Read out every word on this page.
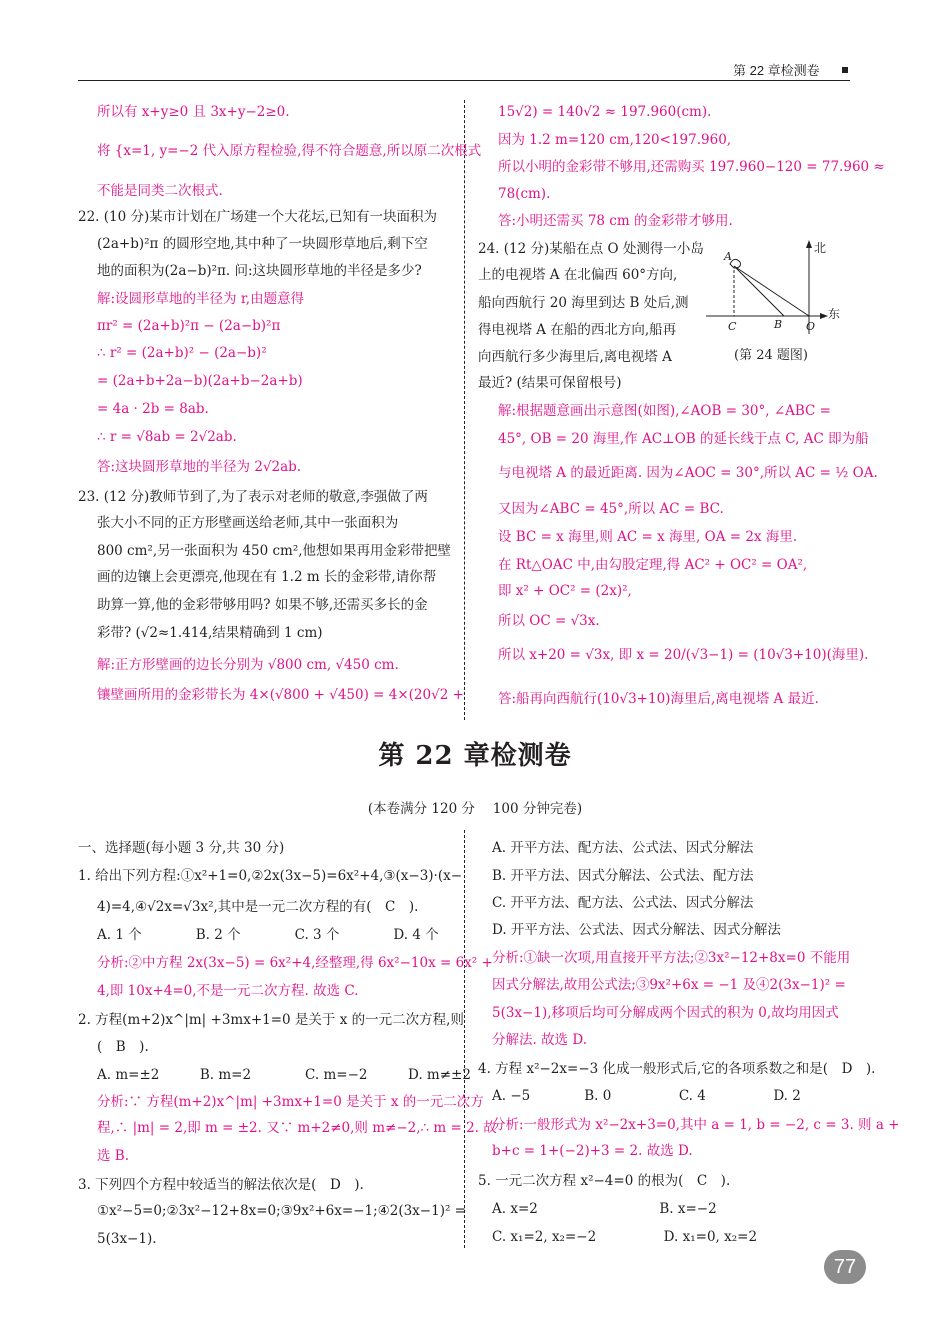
第 22 章检测卷
所以有 x+y≥0 且 3x+y−2≥0.
将 {x=1, y=−2 代入原方程检验,得不符合题意,所以原二次根式
不能是同类二次根式.
22. (10 分)某市计划在广场建一个大花坛,已知有一块面积为
(2a+b)²π 的圆形空地,其中种了一块圆形草地后,剩下空
地的面积为(2a−b)²π. 问:这块圆形草地的半径是多少?
解:设圆形草地的半径为 r,由题意得
πr² = (2a+b)²π − (2a−b)²π
∴ r² = (2a+b)² − (2a−b)²
= (2a+b+2a−b)(2a+b−2a+b)
= 4a · 2b = 8ab.
∴ r = √8ab = 2√2ab.
答:这块圆形草地的半径为 2√2ab.
23. (12 分)教师节到了,为了表示对老师的敬意,李强做了两
张大小不同的正方形壁画送给老师,其中一张面积为
800 cm²,另一张面积为 450 cm²,他想如果再用金彩带把壁
画的边镶上会更漂亮,他现在有 1.2 m 长的金彩带,请你帮
助算一算,他的金彩带够用吗? 如果不够,还需买多长的金
彩带? (√2≈1.414,结果精确到 1 cm)
解:正方形壁画的边长分别为 √800 cm, √450 cm.
镶壁画所用的金彩带长为 4×(√800 + √450) = 4×(20√2 +
15√2) = 140√2 ≈ 197.960(cm).
因为 1.2 m=120 cm,120<197.960,
所以小明的金彩带不够用,还需购买 197.960−120 = 77.960 ≈
78(cm).
答:小明还需买 78 cm 的金彩带才够用.
24. (12 分)某船在点 O 处测得一小岛
上的电视塔 A 在北偏西 60°方向,
船向西航行 20 海里到达 B 处后,测
得电视塔 A 在船的西北方向,船再
向西航行多少海里后,离电视塔 A
最近? (结果可保留根号)
解:根据题意画出示意图(如图),∠AOB = 30°, ∠ABC =
45°, OB = 20 海里,作 AC⊥OB 的延长线于点 C, AC 即为船
与电视塔 A 的最近距离. 因为∠AOC = 30°,所以 AC = ½ OA.
又因为∠ABC = 45°,所以 AC = BC.
设 BC = x 海里,则 AC = x 海里, OA = 2x 海里.
在 Rt△OAC 中,由勾股定理,得 AC² + OC² = OA²,
即 x² + OC² = (2x)²,
所以 OC = √3x.
所以 x+20 = √3x, 即 x = 20/(√3−1) = (10√3+10)(海里).
答:船再向西航行(10√3+10)海里后,离电视塔 A 最近.
A
C	B O
北
东
(第 24 题图)
第 22 章检测卷
(本卷满分 120 分　 100 分钟完卷)
一、选择题(每小题 3 分,共 30 分)
1. 给出下列方程:①x²+1=0,②2x(3x−5)=6x²+4,③(x−3)·(x−
4)=4,④√2x=√3x²,其中是一元二次方程的有(　C　).
A. 1 个　　　　B. 2 个　　　　C. 3 个　　　　D. 4 个
分析:②中方程 2x(3x−5) = 6x²+4,经整理,得 6x²−10x = 6x² +
4,即 10x+4=0,不是一元二次方程. 故选 C.
2. 方程(m+2)x^|m| +3mx+1=0 是关于 x 的一元二次方程,则
(　B　).
A. m=±2　　　B. m=2　　　　C. m=−2　　　D. m≠±2
分析:∵ 方程(m+2)x^|m| +3mx+1=0 是关于 x 的一元二次方
程,∴ |m| = 2,即 m = ±2. 又∵ m+2≠0,则 m≠−2,∴ m = 2. 故
选 B.
3. 下列四个方程中较适当的解法依次是(　D　).
①x²−5=0;②3x²−12+8x=0;③9x²+6x=−1;④2(3x−1)² =
5(3x−1).
A. 开平方法、配方法、公式法、因式分解法
B. 开平方法、因式分解法、公式法、配方法
C. 开平方法、配方法、公式法、因式分解法
D. 开平方法、公式法、因式分解法、因式分解法
分析:①缺一次项,用直接开平方法;②3x²−12+8x=0 不能用
因式分解法,故用公式法;③9x²+6x = −1 及④2(3x−1)² =
5(3x−1),移项后均可分解成两个因式的积为 0,故均用因式
分解法. 故选 D.
4. 方程 x²−2x=−3 化成一般形式后,它的各项系数之和是(　D　).
A. −5　　　　B. 0　　　　　C. 4　　　　　D. 2
分析:一般形式为 x²−2x+3=0,其中 a = 1, b = −2, c = 3. 则 a +
b+c = 1+(−2)+3 = 2. 故选 D.
5. 一元二次方程 x²−4=0 的根为(　C　).
A. x=2　　　　　　　　　B. x=−2
C. x₁=2, x₂=−2　　　　　D. x₁=0, x₂=2
77
